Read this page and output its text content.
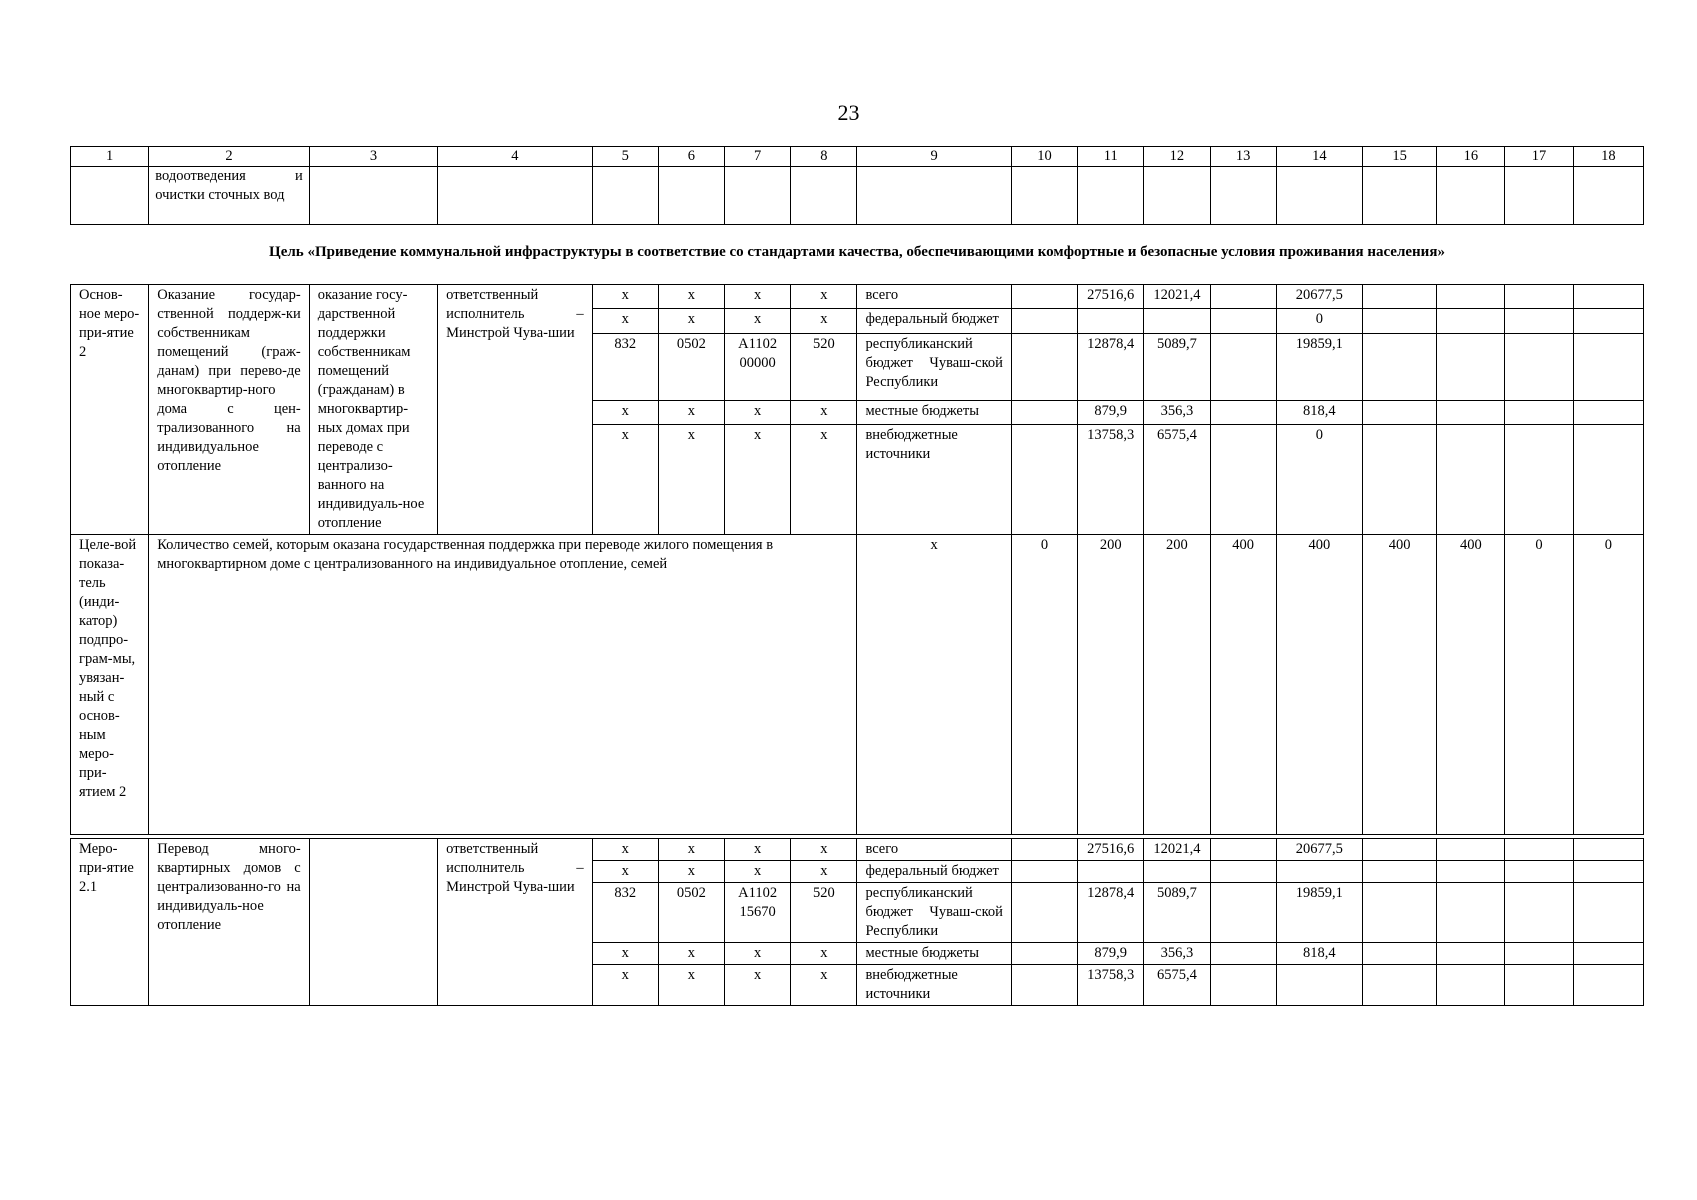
23
1	2	3	4	5	6	7	8	9	10	11	12	13	14	15	16	17	18
	водоотведения и очистки сточных вод																
Цель «Приведение коммунальной инфраструктуры в соответствие со стандартами качества, обеспечивающими комфортные и безопасные условия проживания населения»
Основ-ное меро-при-ятие 2	Оказание государ-ственной поддерж-ки собственникам помещений (граж-данам) при перево-де многоквартир-ного дома с цен-трализованного на индивидуальное отопление	оказание госу-дарственной поддержки собственникам помещений (гражданам) в многоквартир-ных домах при переводе с централизо-ванного на индивидуаль-ное отопление	ответственный исполнитель – Минстрой Чува-шии	х	х	х	х	всего		27516,6	12021,4		20677,5				
				х	х	х	х	федеральный бюджет					0				
				832	0502	А1102 00000	520	республиканский бюджет Чуваш-ской Республики		12878,4	5089,7		19859,1				
				х	х	х	х	местные бюджеты		879,9	356,3		818,4				
				х	х	х	х	внебюджетные источники		13758,3	6575,4		0				
Целе-вой показа-тель (инди-катор) подпро-грам-мы, увязан-ный с основ-ным меро-при-ятием 2	Количество семей, которым оказана государственная поддержка при переводе жилого помещения в многоквартирном доме с централизованного на индивидуальное отопление, семей							х	0	200	200	400	400	400	400	0	0
Меро-при-ятие 2.1	Перевод много-квартирных домов с централизованно-го на индивидуаль-ное отопление		ответственный исполнитель – Минстрой Чува-шии	х	х	х	х	всего		27516,6	12021,4		20677,5				
				х	х	х	х	федеральный бюджет									
				832	0502	А1102 15670	520	республиканский бюджет Чуваш-ской Республики		12878,4	5089,7		19859,1				
				х	х	х	х	местные бюджеты		879,9	356,3		818,4				
				х	х	х	х	внебюджетные источники		13758,3	6575,4						
